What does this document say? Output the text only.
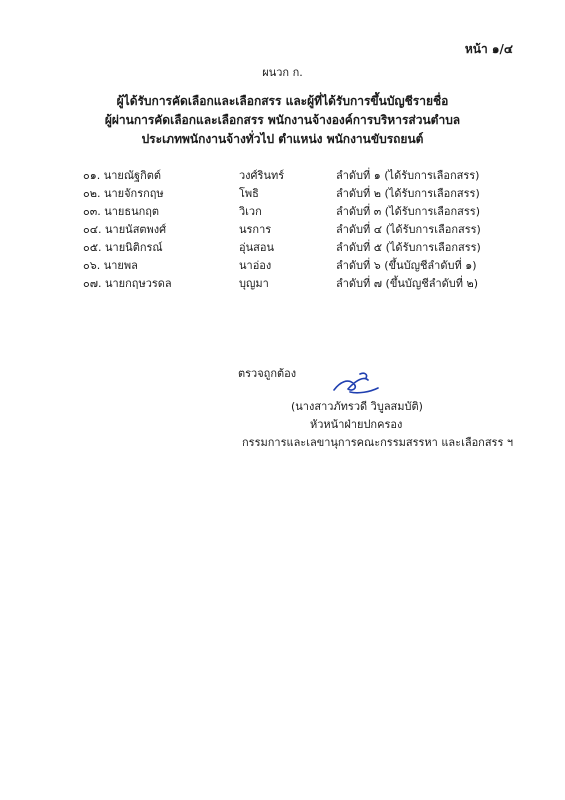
หน้า ๑/๔
ผนวก ก.
ผู้ได้รับการคัดเลือกและเลือกสรร และผู้ที่ได้รับการขึ้นบัญชีรายชื่อ
ผู้ผ่านการคัดเลือกและเลือกสรร พนักงานจ้างองค์การบริหารส่วนตำบล
ประเภทพนักงานจ้างทั่วไป ตำแหน่ง พนักงานขับรถยนต์
๐๑. นายณัฐกิตต์	วงศ์รินทร์	ลำดับที่ ๑ (ได้รับการเลือกสรร)
๐๒. นายจักรกฤษ	โพธิ	ลำดับที่ ๒ (ได้รับการเลือกสรร)
๐๓. นายธนกฤต	วิเวก	ลำดับที่ ๓ (ได้รับการเลือกสรร)
๐๔. นายนัสตพงศ์	นรการ	ลำดับที่ ๔ (ได้รับการเลือกสรร)
๐๕. นายนิติกรณ์	อุ่นสอน	ลำดับที่ ๕ (ได้รับการเลือกสรร)
๐๖. นายพล	นาอ่อง	ลำดับที่ ๖ (ขึ้นบัญชีลำดับที่ ๑)
๐๗. นายกฤษวรดล	บุญมา	ลำดับที่ ๗ (ขึ้นบัญชีลำดับที่ ๒)
ตรวจถูกต้อง
(นางสาวภัทรวดี วิบูลสมบัติ)
หัวหน้าฝ่ายปกครอง
กรรมการและเลขานุการคณะกรรมสรรหา และเลือกสรร ฯ
